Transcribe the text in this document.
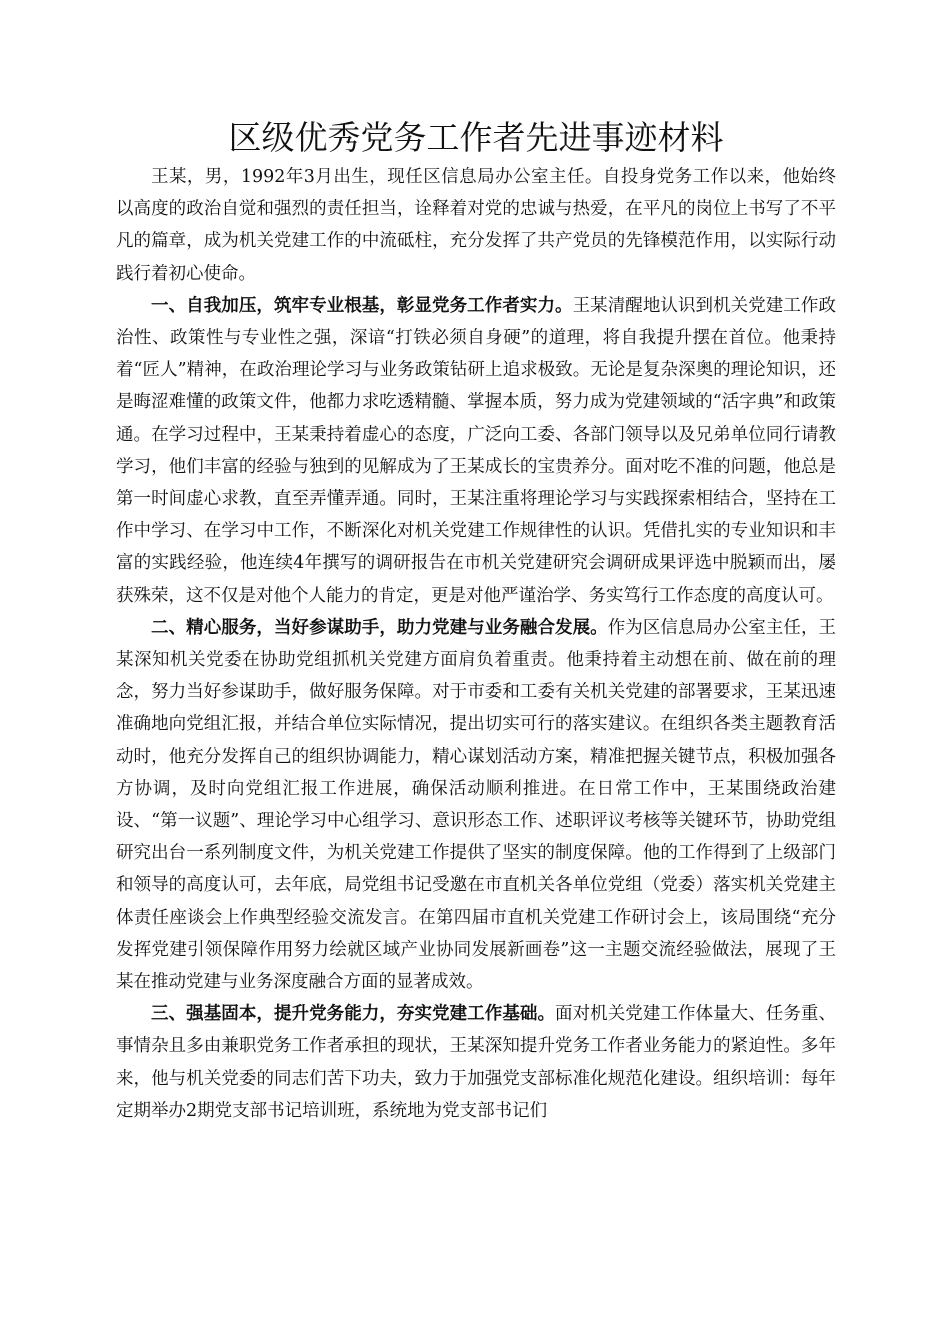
区级优秀党务工作者先进事迹材料

王某，男，1992年3月出生，现任区信息局办公室主任。自投身党务工作以来，他始终以高度的政治自觉和强烈的责任担当，诠释着对党的忠诚与热爱，在平凡的岗位上书写了不平凡的篇章，成为机关党建工作的中流砥柱，充分发挥了共产党员的先锋模范作用，以实际行动践行着初心使命。

一、自我加压，筑牢专业根基，彰显党务工作者实力。王某清醒地认识到机关党建工作政治性、政策性与专业性之强，深谙“打铁必须自身硬”的道理，将自我提升摆在首位。他秉持着“匠人”精神，在政治理论学习与业务政策钻研上追求极致。无论是复杂深奥的理论知识，还是晦涩难懂的政策文件，他都力求吃透精髓、掌握本质，努力成为党建领域的“活字典”和政策通。在学习过程中，王某秉持着虚心的态度，广泛向工委、各部门领导以及兄弟单位同行请教学习，他们丰富的经验与独到的见解成为了王某成长的宝贵养分。面对吃不准的问题，他总是第一时间虚心求教，直至弄懂弄通。同时，王某注重将理论学习与实践探索相结合，坚持在工作中学习、在学习中工作，不断深化对机关党建工作规律性的认识。凭借扎实的专业知识和丰富的实践经验，他连续4年撰写的调研报告在市机关党建研究会调研成果评选中脱颖而出，屡获殊荣，这不仅是对他个人能力的肯定，更是对他严谨治学、务实笃行工作态度的高度认可。

二、精心服务，当好参谋助手，助力党建与业务融合发展。作为区信息局办公室主任，王某深知机关党委在协助党组抓机关党建方面肩负着重责。他秉持着主动想在前、做在前的理念，努力当好参谋助手，做好服务保障。对于市委和工委有关机关党建的部署要求，王某迅速准确地向党组汇报，并结合单位实际情况，提出切实可行的落实建议。在组织各类主题教育活动时，他充分发挥自己的组织协调能力，精心谋划活动方案，精准把握关键节点，积极加强各方协调，及时向党组汇报工作进展，确保活动顺利推进。在日常工作中，王某围绕政治建设、“第一议题”、理论学习中心组学习、意识形态工作、述职评议考核等关键环节，协助党组研究出台一系列制度文件，为机关党建工作提供了坚实的制度保障。他的工作得到了上级部门和领导的高度认可，去年底，局党组书记受邀在市直机关各单位党组（党委）落实机关党建主体责任座谈会上作典型经验交流发言。在第四届市直机关党建工作研讨会上，该局围绕“充分发挥党建引领保障作用努力绘就区域产业协同发展新画卷”这一主题交流经验做法，展现了王某在推动党建与业务深度融合方面的显著成效。

三、强基固本，提升党务能力，夯实党建工作基础。面对机关党建工作体量大、任务重、事情杂且多由兼职党务工作者承担的现状，王某深知提升党务工作者业务能力的紧迫性。多年来，他与机关党委的同志们苦下功夫，致力于加强党支部标准化规范化建设。组织培训：每年定期举办2期党支部书记培训班，系统地为党支部书记们
